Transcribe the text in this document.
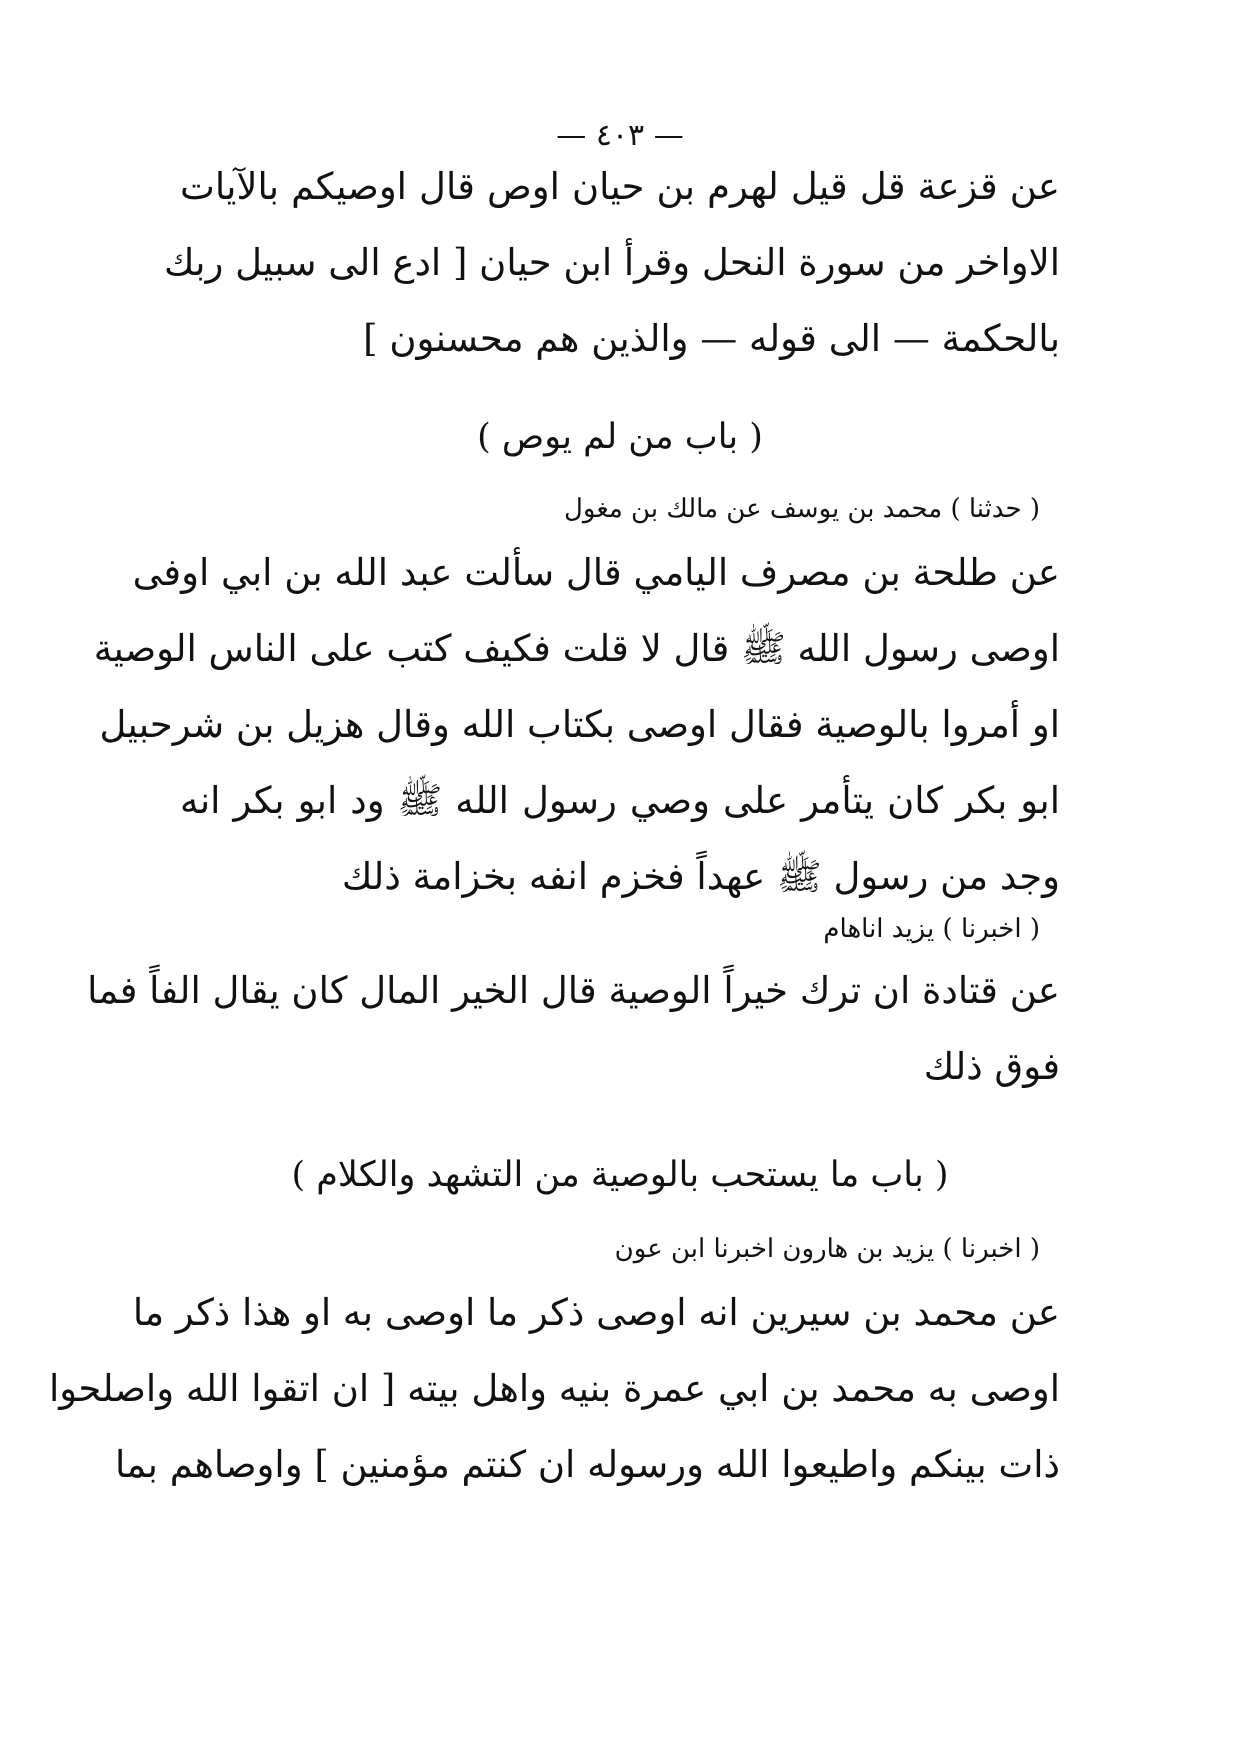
— ٤٠٣ —
عن قزعة قل قيل لهرم بن حيان اوص قال اوصيكم بالآيات
الاواخر من سورة النحل وقرأ ابن حيان [ ادع الى سبيل ربك
بالحكمة — الى قوله — والذين هم محسنون ]
( باب من لم يوص )
( حدثنا ) محمد بن يوسف عن مالك بن مغول
عن طلحة بن مصرف اليامي قال سألت عبد الله بن ابي اوفى
اوصى رسول الله ﷺ قال لا قلت فكيف كتب على الناس الوصية
او أمروا بالوصية فقال اوصى بكتاب الله وقال هزيل بن شرحبيل
ابو بكر كان يتأمر على وصي رسول الله ﷺ ود ابو بكر انه
وجد من رسول ﷺ عهداً فخزم انفه بخزامة ذلك
( اخبرنا ) يزيد اناهام
عن قتادة ان ترك خيراً الوصية قال الخير المال كان يقال الفاً فما
فوق ذلك
( باب ما يستحب بالوصية من التشهد والكلام )
( اخبرنا ) يزيد بن هارون اخبرنا ابن عون
عن محمد بن سيرين انه اوصى ذكر ما اوصى به او هذا ذكر ما
اوصى به محمد بن ابي عمرة بنيه واهل بيته [ ان اتقوا الله واصلحوا
ذات بينكم واطيعوا الله ورسوله ان كنتم مؤمنين ] واوصاهم بما
